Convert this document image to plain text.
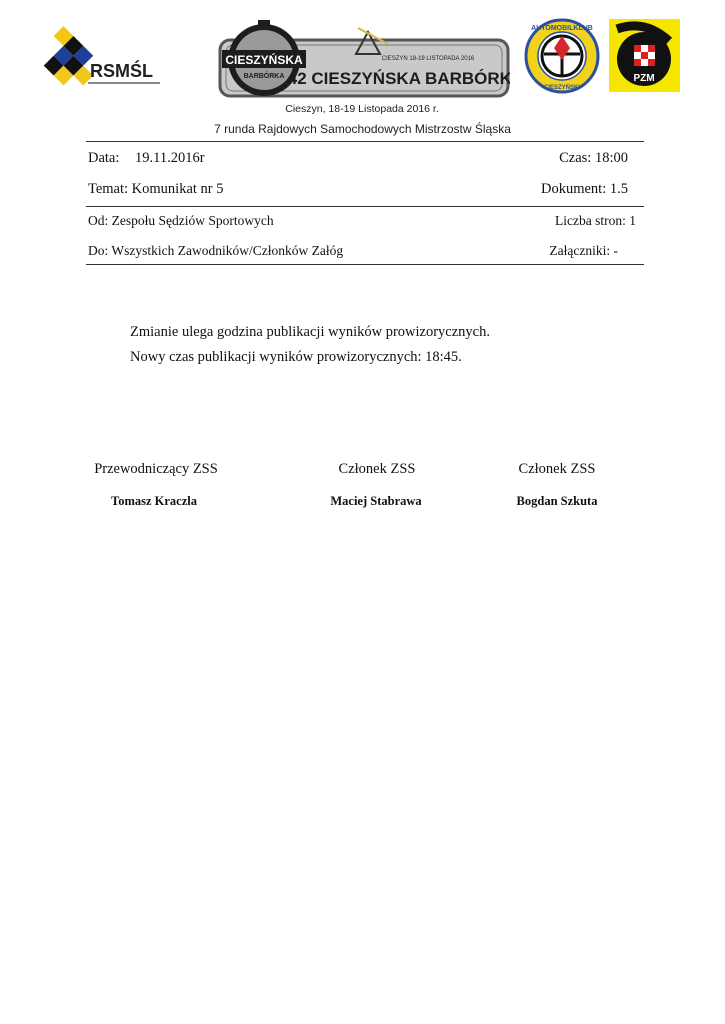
RSMŚL
CIESZYŃSKA
BARBÓRKA
CIESZYN 18-19 LISTOPADA 2016
42 CIESZYŃSKA BARBÓRKA
AUTOMOBILKLUB
CIESZYŃSKI
PZM
Cieszyn, 18-19 Listopada 2016 r.
7 runda Rajdowych Samochodowych Mistrzostw Śląska
Data: 19.11.2016r	Czas: 18:00
Temat: Komunikat nr 5	Dokument: 1.5
Od: Zespołu Sędziów Sportowych	Liczba stron: 1
Do: Wszystkich Zawodników/Członków Załóg	Załączniki: -
Zmianie ulega godzina publikacji wyników prowizorycznych.
Nowy czas publikacji wyników prowizorycznych: 18:45.
Przewodniczący ZSS
Tomasz Kraczla
Członek ZSS
Maciej Stabrawa
Członek ZSS
Bogdan Szkuta
